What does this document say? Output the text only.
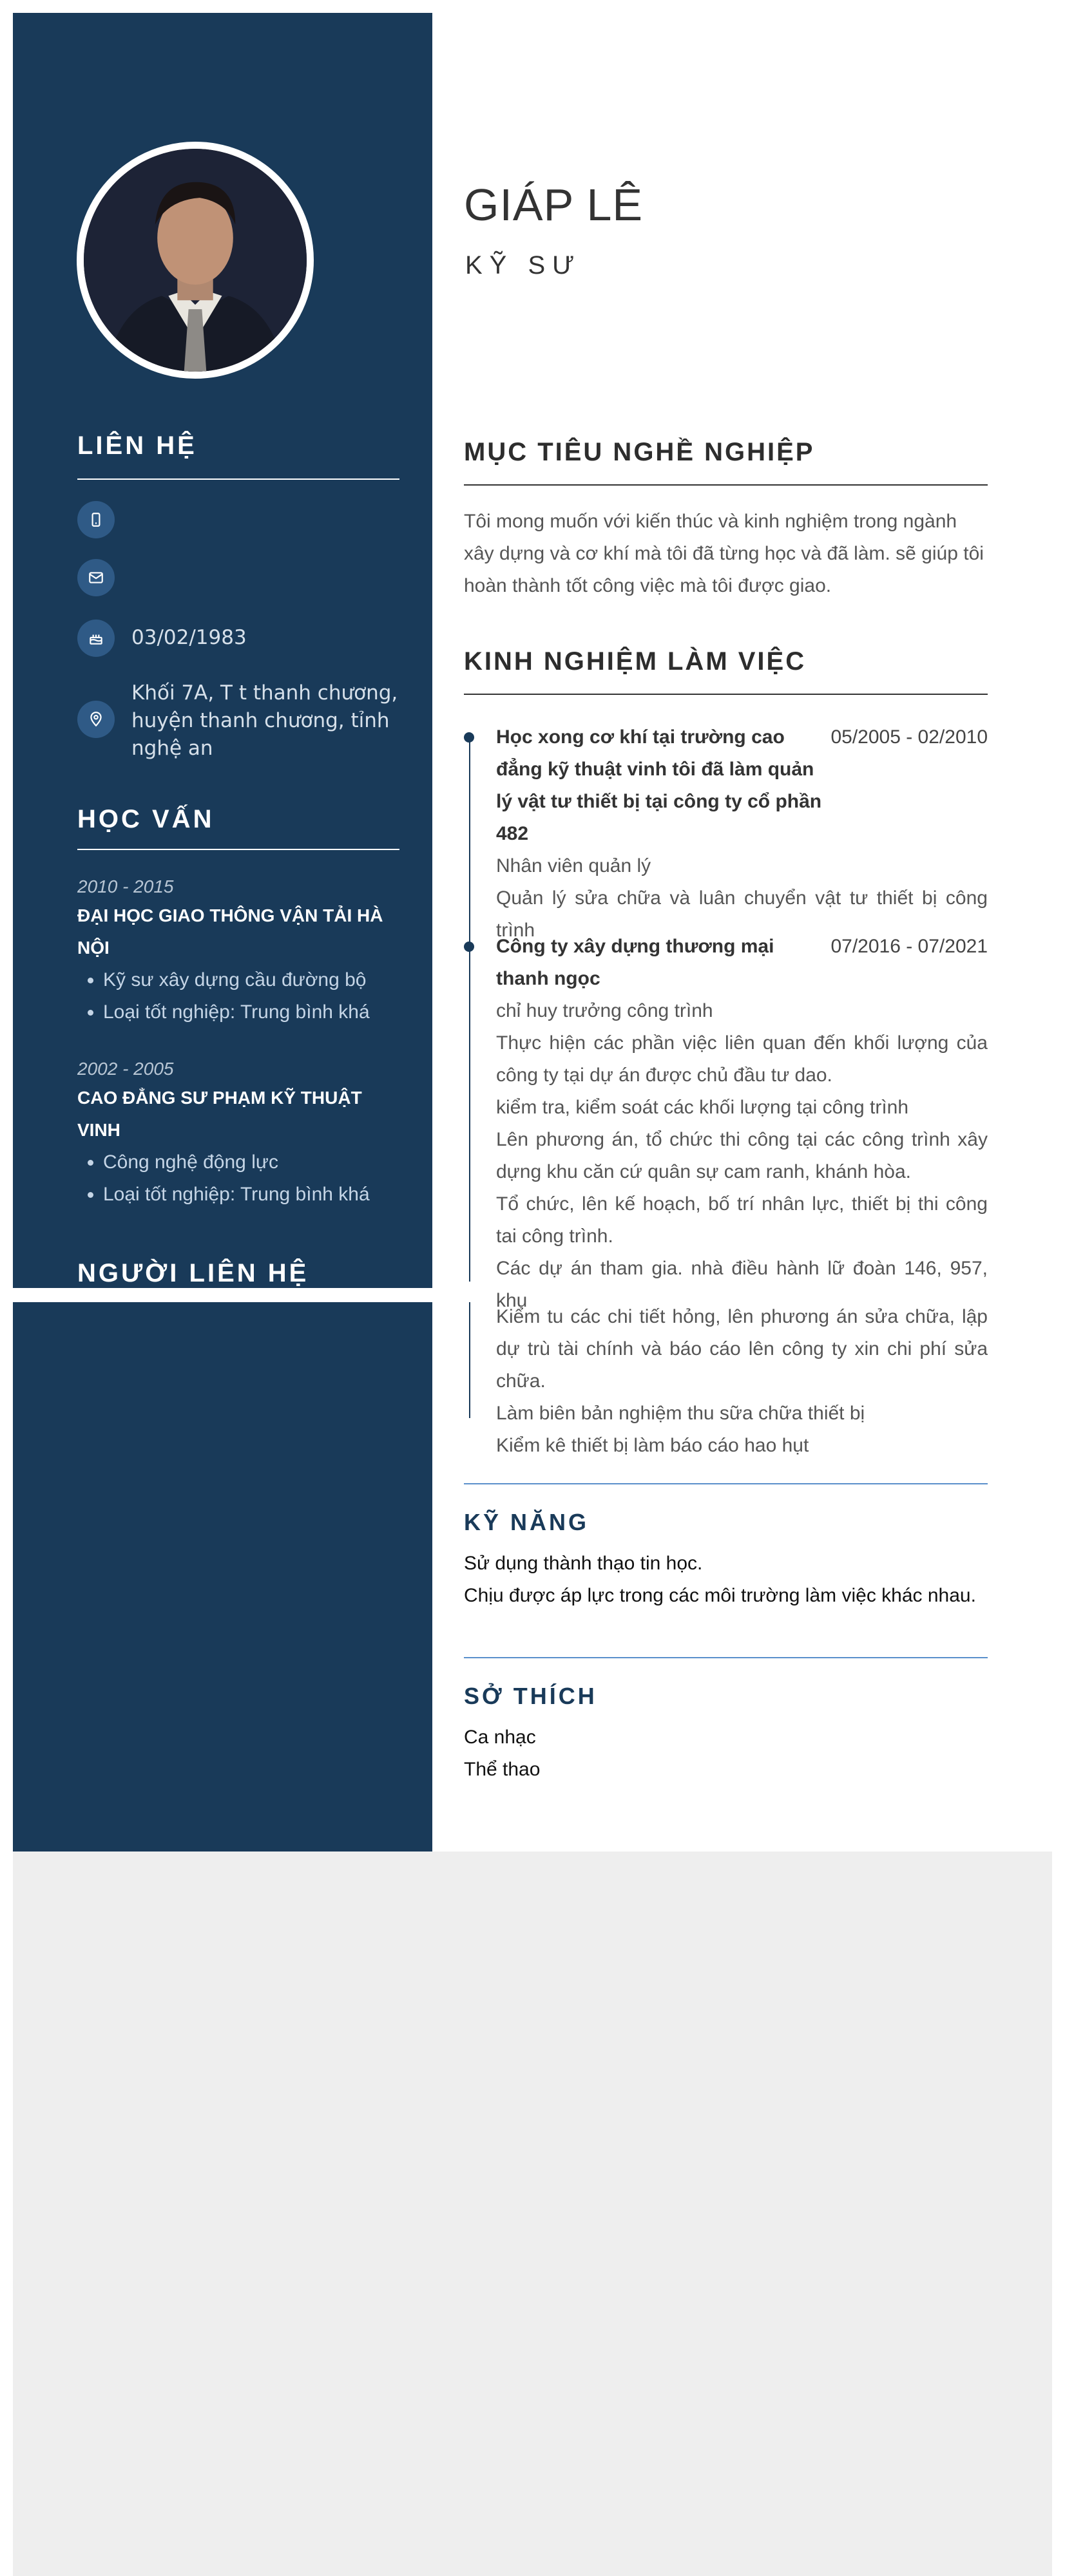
LIÊN HỆ
03/02/1983
Khối 7A, T t thanh chương, huyện thanh chương, tỉnh nghệ an
HỌC VẤN
2010 - 2015
ĐẠI HỌC GIAO THÔNG VẬN TẢI HÀ NỘI
• Kỹ sư xây dựng cầu đường bộ
• Loại tốt nghiệp: Trung bình khá
2002 - 2005
CAO ĐẲNG SƯ PHẠM KỸ THUẬT VINH
• Công nghệ động lực
• Loại tốt nghiệp: Trung bình khá
NGƯỜI LIÊN HỆ
GIÁP LÊ
KỸ SƯ
MỤC TIÊU NGHỀ NGHIỆP

Tôi mong muốn với kiến thúc và kinh nghiệm trong ngành xây dựng và cơ khí mà tôi đã từng học và đã làm. sẽ giúp tôi hoàn thành tốt công việc mà tôi được giao.

KINH NGHIỆM LÀM VIỆC
Học xong cơ khí tại trường cao đẳng kỹ thuật vinh tôi đã làm quản lý vật tư thiết bị tại công ty cổ phần 482
05/2005 - 02/2010
Nhân viên quản lý
Quản lý sửa chữa và luân chuyển vật tư thiết bị công trình
Công ty xây dựng thương mại thanh ngọc
07/2016 - 07/2021
chỉ huy trưởng công trình
Thực hiện các phần việc liên quan đến khối lượng của công ty tại dự án được chủ đầu tư dao.
kiểm tra, kiểm soát các khối lượng tại công trình
Lên phương án, tổ chức thi công tại các công trình xây dựng khu căn cứ quân sự cam ranh, khánh hòa.
Tổ chức, lên kế hoạch, bố trí nhân lực, thiết bị thi công tai công trình.
Các dự án tham gia. nhà điều hành lữ đoàn 146, 957, khu
Kiểm tu các chi tiết hỏng, lên phương án sửa chữa, lập dự trù tài chính và báo cáo lên công ty xin chi phí sửa chữa.
Làm biên bản nghiệm thu sữa chữa thiết bị
Kiểm kê thiết bị làm báo cáo hao hụt
KỸ NĂNG
Sử dụng thành thạo tin học.
Chịu được áp lực trong các môi trường làm việc khác nhau.
SỞ THÍCH
Ca nhạc
Thể thao
